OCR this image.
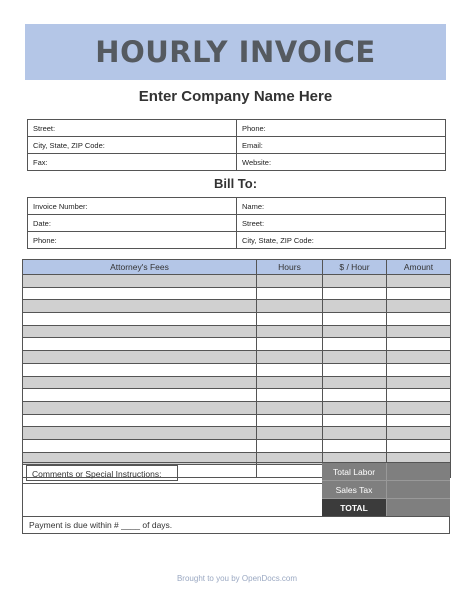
HOURLY INVOICE
Enter Company Name Here
Street:	Phone:
City, State, ZIP Code:	Email:
Fax:	Website:
Bill To:
Invoice Number:	Name:
Date:	Street:
Phone:	City, State, ZIP Code:
Attorney's Fees	Hours	$ / Hour	Amount

Comments or Special Instructions:	Total Labor
Sales Tax
TOTAL
Payment is due within # ____ of days.
Brought to you by OpenDocs.com
